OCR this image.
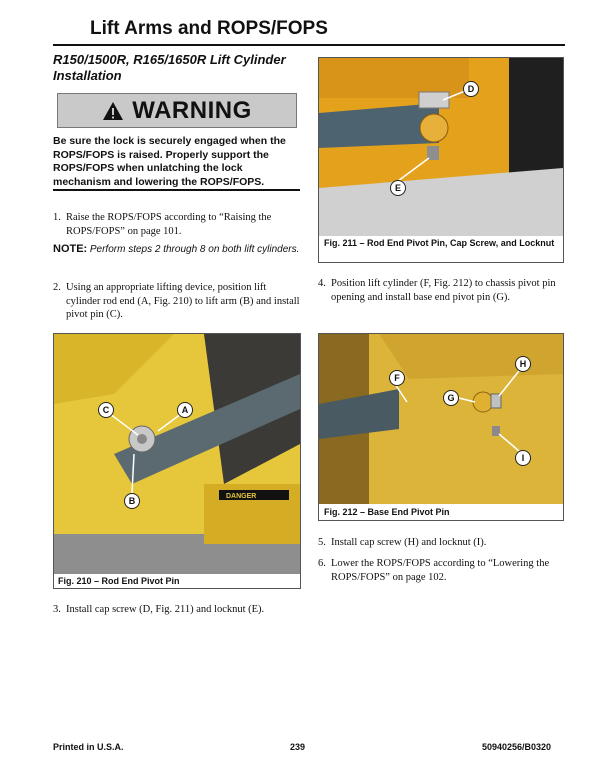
Lift Arms and ROPS/FOPS
R150/1500R, R165/1650R Lift Cylinder Installation
WARNING
Be sure the lock is securely engaged when the ROPS/FOPS is raised. Properly support the ROPS/FOPS when unlatching the lock mechanism and lowering the ROPS/FOPS.
1. Raise the ROPS/FOPS according to “Raising the ROPS/FOPS” on page 101.
NOTE: Perform steps 2 through 8 on both lift cylinders.
2. Using an appropriate lifting device, position lift cylinder rod end (A, Fig. 210) to lift arm (B) and install pivot pin (C).
DANGER
C	A
B
Fig. 210 – Rod End Pivot Pin
3. Install cap screw (D, Fig. 211) and locknut (E).
D
E
Fig. 211 – Rod End Pivot Pin, Cap Screw, and Locknut
4. Position lift cylinder (F, Fig. 212) to chassis pivot pin opening and install base end pivot pin (G).
H
F
G
I
Fig. 212 – Base End Pivot Pin
5. Install cap screw (H) and locknut (I).
6. Lower the ROPS/FOPS according to “Lowering the ROPS/FOPS” on page 102.
Printed in U.S.A.	239	50940256/B0320
